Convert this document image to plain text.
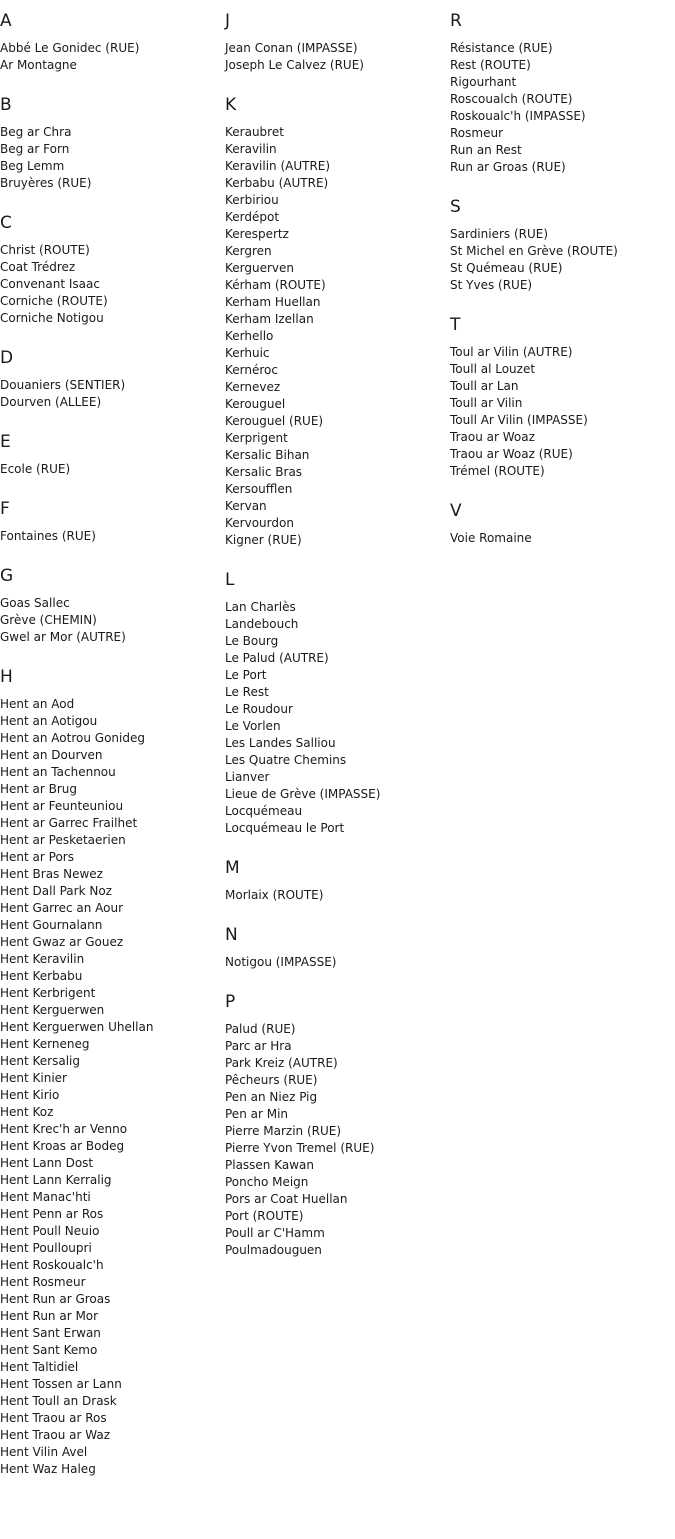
A
Abbé Le Gonidec (RUE)
Ar Montagne
B
Beg ar Chra
Beg ar Forn
Beg Lemm
Bruyères (RUE)
C
Christ (ROUTE)
Coat Trédrez
Convenant Isaac
Corniche (ROUTE)
Corniche Notigou
D
Douaniers (SENTIER)
Dourven (ALLEE)
E
Ecole (RUE)
F
Fontaines (RUE)
G
Goas Sallec
Grève (CHEMIN)
Gwel ar Mor (AUTRE)
H
Hent an Aod
Hent an Aotigou
Hent an Aotrou Gonideg
Hent an Dourven
Hent an Tachennou
Hent ar Brug
Hent ar Feunteuniou
Hent ar Garrec Frailhet
Hent ar Pesketaerien
Hent ar Pors
Hent Bras Newez
Hent Dall Park Noz
Hent Garrec an Aour
Hent Gournalann
Hent Gwaz ar Gouez
Hent Keravilin
Hent Kerbabu
Hent Kerbrigent
Hent Kerguerwen
Hent Kerguerwen Uhellan
Hent Kerneneg
Hent Kersalig
Hent Kinier
Hent Kirio
Hent Koz
Hent Krec'h ar Venno
Hent Kroas ar Bodeg
Hent Lann Dost
Hent Lann Kerralig
Hent Manac'hti
Hent Penn ar Ros
Hent Poull Neuio
Hent Poulloupri
Hent Roskoualc'h
Hent Rosmeur
Hent Run ar Groas
Hent Run ar Mor
Hent Sant Erwan
Hent Sant Kemo
Hent Taltidiel
Hent Tossen ar Lann
Hent Toull an Drask
Hent Traou ar Ros
Hent Traou ar Waz
Hent Vilin Avel
Hent Waz Haleg
J
Jean Conan (IMPASSE)
Joseph Le Calvez (RUE)
K
Keraubret
Keravilin
Keravilin (AUTRE)
Kerbabu (AUTRE)
Kerbiriou
Kerdépot
Kerespertz
Kergren
Kerguerven
Kérham (ROUTE)
Kerham Huellan
Kerham Izellan
Kerhello
Kerhuic
Kernéroc
Kernevez
Kerouguel
Kerouguel (RUE)
Kerprigent
Kersalic Bihan
Kersalic Bras
Kersoufflen
Kervan
Kervourdon
Kigner (RUE)
L
Lan Charlès
Landebouch
Le Bourg
Le Palud (AUTRE)
Le Port
Le Rest
Le Roudour
Le Vorlen
Les Landes Salliou
Les Quatre Chemins
Lianver
Lieue de Grève (IMPASSE)
Locquémeau
Locquémeau le Port
M
Morlaix (ROUTE)
N
Notigou (IMPASSE)
P
Palud (RUE)
Parc ar Hra
Park Kreiz (AUTRE)
Pêcheurs (RUE)
Pen an Niez Pig
Pen ar Min
Pierre Marzin (RUE)
Pierre Yvon Tremel (RUE)
Plassen Kawan
Poncho Meign
Pors ar Coat Huellan
Port (ROUTE)
Poull ar C'Hamm
Poulmadouguen
R
Résistance (RUE)
Rest (ROUTE)
Rigourhant
Roscoualch (ROUTE)
Roskoualc'h (IMPASSE)
Rosmeur
Run an Rest
Run ar Groas (RUE)
S
Sardiniers (RUE)
St Michel en Grève (ROUTE)
St Quémeau (RUE)
St Yves (RUE)
T
Toul ar Vilin (AUTRE)
Toull al Louzet
Toull ar Lan
Toull ar Vilin
Toull Ar Vilin (IMPASSE)
Traou ar Woaz
Traou ar Woaz (RUE)
Trémel (ROUTE)
V
Voie Romaine
